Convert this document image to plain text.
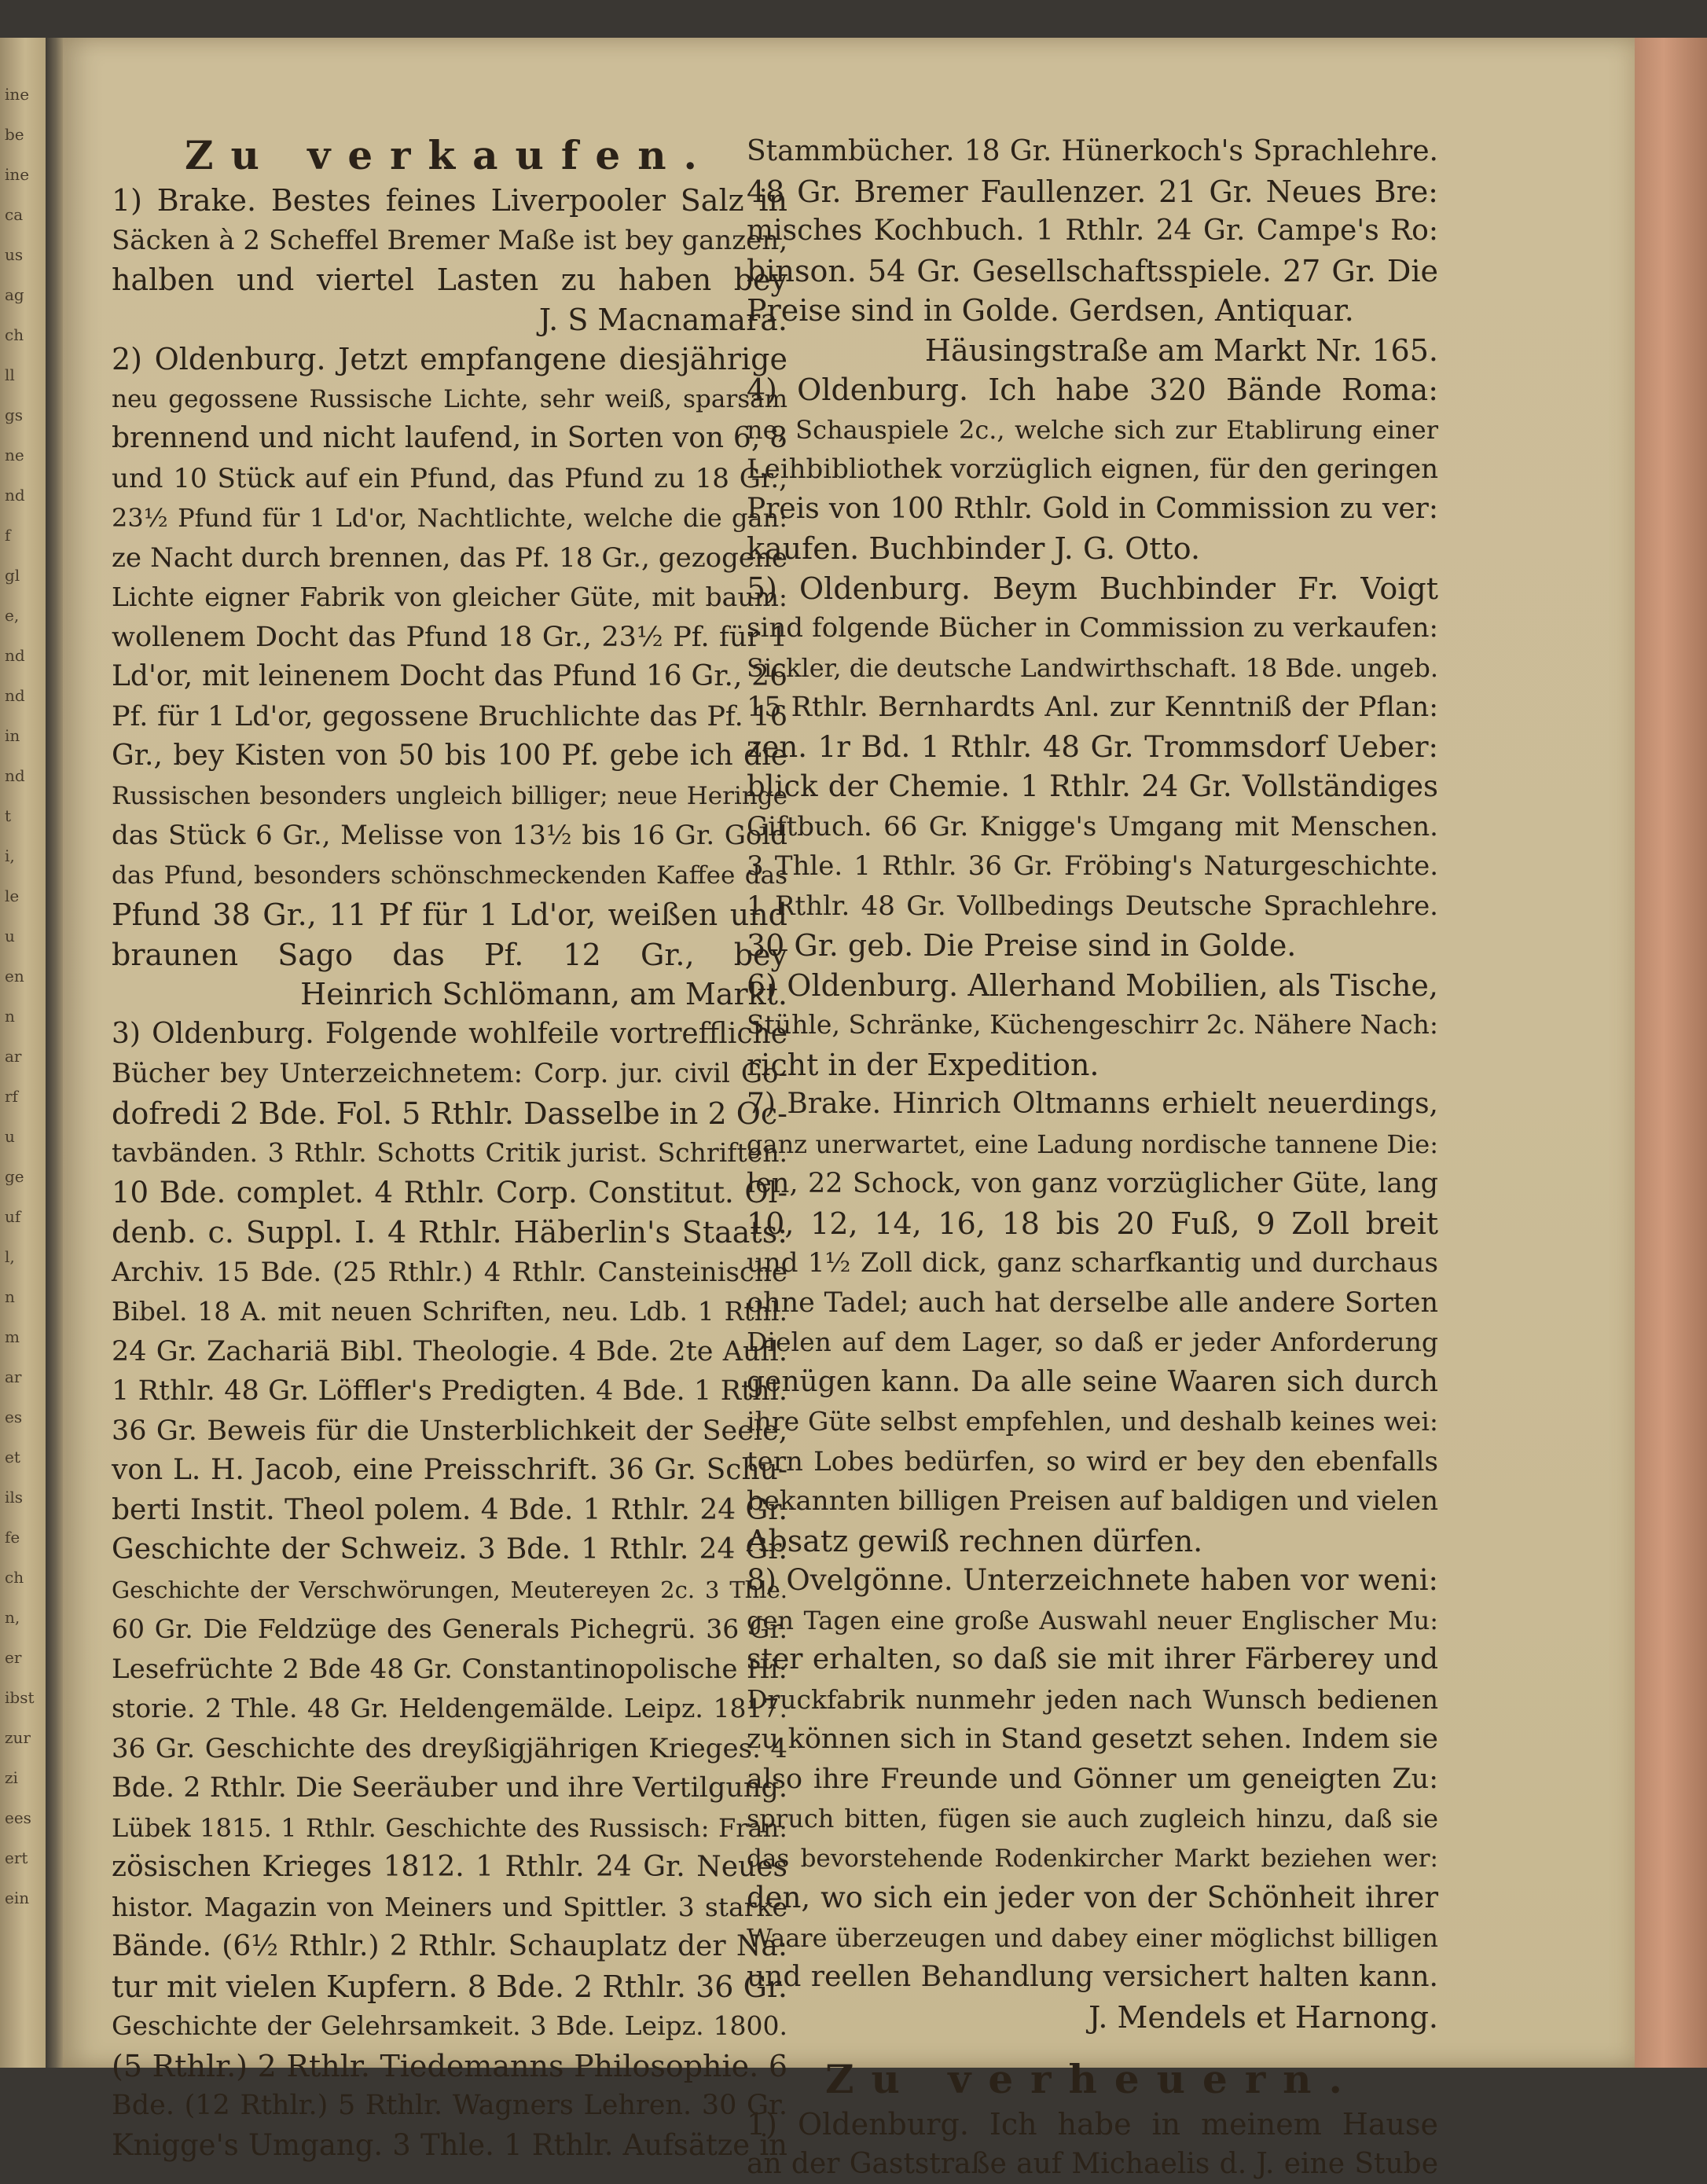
ine
be
ine
ca
us
ag
ch
ll
gs
ne
nd
f
gl
e,
nd
nd
in
nd
t
i,
le
u
en
n
ar
rf
u
ge
uf
l,
n
m
ar
es
et
ils
fe
ch
n,
er
ibst
zur
zi
ees
ert
ein
Zu verkaufen.
1) Brake. Bestes feines Liverpooler Salz in
Säcken à 2 Scheffel Bremer Maße ist bey ganzen,
halben und viertel Lasten zu haben bey
J. S Macnamara.
2) Oldenburg. Jetzt empfangene diesjährige
neu gegossene Russische Lichte, sehr weiß, sparsam
brennend und nicht laufend, in Sorten von 6, 8
und 10 Stück auf ein Pfund, das Pfund zu 18 Gr.,
23½ Pfund für 1 Ld'or, Nachtlichte, welche die gan:
ze Nacht durch brennen, das Pf. 18 Gr., gezogene
Lichte eigner Fabrik von gleicher Güte, mit baum:
wollenem Docht das Pfund 18 Gr., 23½ Pf. für 1
Ld'or, mit leinenem Docht das Pfund 16 Gr., 26
Pf. für 1 Ld'or, gegossene Bruchlichte das Pf. 16
Gr., bey Kisten von 50 bis 100 Pf. gebe ich die
Russischen besonders ungleich billiger; neue Heringe
das Stück 6 Gr., Melisse von 13½ bis 16 Gr. Gold
das Pfund, besonders schönschmeckenden Kaffee das
Pfund 38 Gr., 11 Pf für 1 Ld'or, weißen und
braunen Sago das Pf. 12 Gr., bey
Heinrich Schlömann, am Markt.
3) Oldenburg. Folgende wohlfeile vortreffliche
Bücher bey Unterzeichnetem: Corp. jur. civil Go-
dofredi 2 Bde. Fol. 5 Rthlr. Dasselbe in 2 Oc-
tavbänden. 3 Rthlr. Schotts Critik jurist. Schriften.
10 Bde. complet. 4 Rthlr. Corp. Constitut. Ol-
denb. c. Suppl. I. 4 Rthlr. Häberlin's Staats:
Archiv. 15 Bde. (25 Rthlr.) 4 Rthlr. Cansteinische
Bibel. 18 A. mit neuen Schriften, neu. Ldb. 1 Rthl.
24 Gr. Zachariä Bibl. Theologie. 4 Bde. 2te Aufl.
1 Rthlr. 48 Gr. Löffler's Predigten. 4 Bde. 1 Rthl.
36 Gr. Beweis für die Unsterblichkeit der Seele,
von L. H. Jacob, eine Preisschrift. 36 Gr. Schu-
berti Instit. Theol polem. 4 Bde. 1 Rthlr. 24 Gr.
Geschichte der Schweiz. 3 Bde. 1 Rthlr. 24 Gr.
Geschichte der Verschwörungen, Meutereyen 2c. 3 Thle.
60 Gr. Die Feldzüge des Generals Pichegrü. 36 Gr.
Lesefrüchte 2 Bde 48 Gr. Constantinopolische Hi:
storie. 2 Thle. 48 Gr. Heldengemälde. Leipz. 1817.
36 Gr. Geschichte des dreyßigjährigen Krieges. 4
Bde. 2 Rthlr. Die Seeräuber und ihre Vertilgung.
Lübek 1815. 1 Rthlr. Geschichte des Russisch: Fran:
zösischen Krieges 1812. 1 Rthlr. 24 Gr. Neues
histor. Magazin von Meiners und Spittler. 3 starke
Bände. (6½ Rthlr.) 2 Rthlr. Schauplatz der Na:
tur mit vielen Kupfern. 8 Bde. 2 Rthlr. 36 Gr.
Geschichte der Gelehrsamkeit. 3 Bde. Leipz. 1800.
(5 Rthlr.) 2 Rthlr. Tiedemanns Philosophie. 6
Bde. (12 Rthlr.) 5 Rthlr. Wagners Lehren. 30 Gr.
Knigge's Umgang. 3 Thle. 1 Rthlr. Aufsätze in
Stammbücher. 18 Gr. Hünerkoch's Sprachlehre.
48 Gr. Bremer Faullenzer. 21 Gr. Neues Bre:
misches Kochbuch. 1 Rthlr. 24 Gr. Campe's Ro:
binson. 54 Gr. Gesellschaftsspiele. 27 Gr. Die
Preise sind in Golde. Gerdsen, Antiquar.
Häusingstraße am Markt Nr. 165.
4) Oldenburg. Ich habe 320 Bände Roma:
ne, Schauspiele 2c., welche sich zur Etablirung einer
Leihbibliothek vorzüglich eignen, für den geringen
Preis von 100 Rthlr. Gold in Commission zu ver:
kaufen. Buchbinder J. G. Otto.
5) Oldenburg. Beym Buchbinder Fr. Voigt
sind folgende Bücher in Commission zu verkaufen:
Sickler, die deutsche Landwirthschaft. 18 Bde. ungeb.
15 Rthlr. Bernhardts Anl. zur Kenntniß der Pflan:
zen. 1r Bd. 1 Rthlr. 48 Gr. Trommsdorf Ueber:
blick der Chemie. 1 Rthlr. 24 Gr. Vollständiges
Giftbuch. 66 Gr. Knigge's Umgang mit Menschen.
3 Thle. 1 Rthlr. 36 Gr. Fröbing's Naturgeschichte.
1 Rthlr. 48 Gr. Vollbedings Deutsche Sprachlehre.
30 Gr. geb. Die Preise sind in Golde.
6) Oldenburg. Allerhand Mobilien, als Tische,
Stühle, Schränke, Küchengeschirr 2c. Nähere Nach:
richt in der Expedition.
7) Brake. Hinrich Oltmanns erhielt neuerdings,
ganz unerwartet, eine Ladung nordische tannene Die:
len, 22 Schock, von ganz vorzüglicher Güte, lang
10, 12, 14, 16, 18 bis 20 Fuß, 9 Zoll breit
und 1½ Zoll dick, ganz scharfkantig und durchaus
ohne Tadel; auch hat derselbe alle andere Sorten
Dielen auf dem Lager, so daß er jeder Anforderung
genügen kann. Da alle seine Waaren sich durch
ihre Güte selbst empfehlen, und deshalb keines wei:
tern Lobes bedürfen, so wird er bey den ebenfalls
bekannten billigen Preisen auf baldigen und vielen
Absatz gewiß rechnen dürfen.
8) Ovelgönne. Unterzeichnete haben vor weni:
gen Tagen eine große Auswahl neuer Englischer Mu:
ster erhalten, so daß sie mit ihrer Färberey und
Druckfabrik nunmehr jeden nach Wunsch bedienen
zu können sich in Stand gesetzt sehen. Indem sie
also ihre Freunde und Gönner um geneigten Zu:
spruch bitten, fügen sie auch zugleich hinzu, daß sie
das bevorstehende Rodenkircher Markt beziehen wer:
den, wo sich ein jeder von der Schönheit ihrer
Waare überzeugen und dabey einer möglichst billigen
und reellen Behandlung versichert halten kann.
J. Mendels et Harnong.
Zu verheuern.
1) Oldenburg. Ich habe in meinem Hause
an der Gaststraße auf Michaelis d. J. eine Stube
